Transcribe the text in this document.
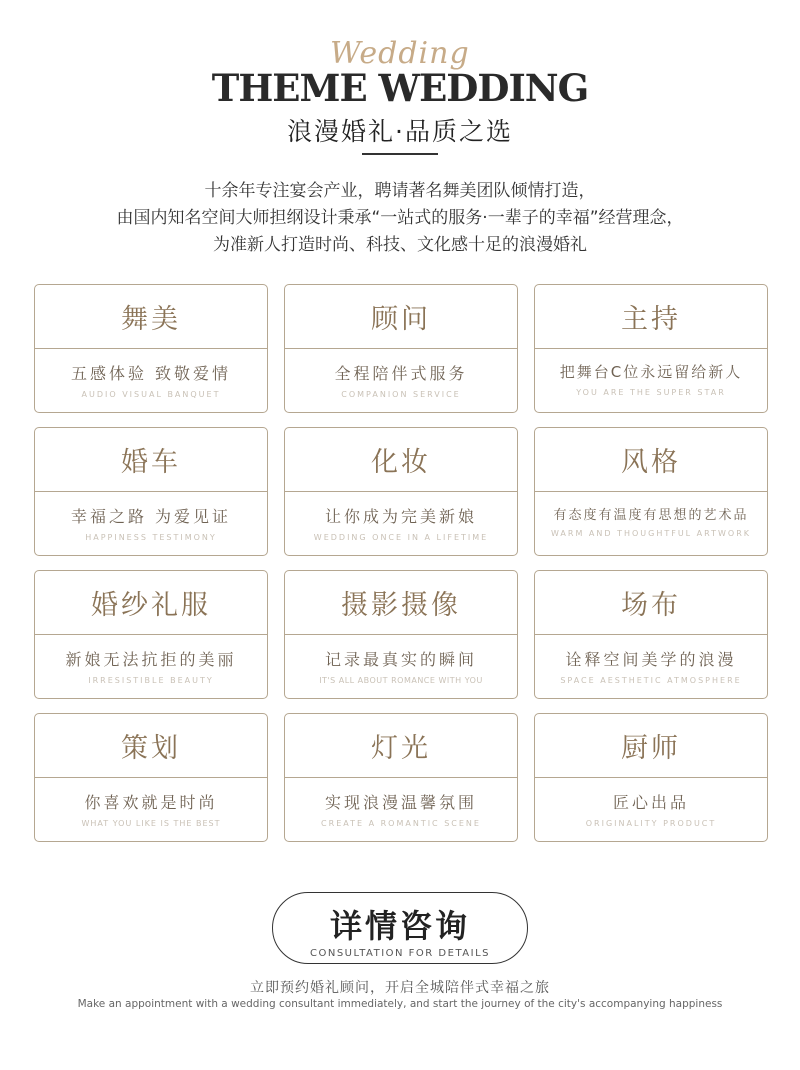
Wedding
THEME WEDDING
浪漫婚礼·品质之选
十余年专注宴会产业，聘请著名舞美团队倾情打造，
由国内知名空间大师担纲设计秉承“一站式的服务·一辈子的幸福”经营理念，
为准新人打造时尚、科技、文化感十足的浪漫婚礼
舞美
五感体验 致敬爱情
AUDIO VISUAL BANQUET
顾问
全程陪伴式服务
COMPANION SERVICE
主持
把舞台C位永远留给新人
YOU ARE THE SUPER STAR
婚车
幸福之路 为爱见证
HAPPINESS TESTIMONY
化妆
让你成为完美新娘
WEDDING ONCE IN A LIFETIME
风格
有态度有温度有思想的艺术品
WARM AND THOUGHTFUL ARTWORK
婚纱礼服
新娘无法抗拒的美丽
IRRESISTIBLE BEAUTY
摄影摄像
记录最真实的瞬间
IT'S ALL ABOUT ROMANCE WITH YOU
场布
诠释空间美学的浪漫
SPACE AESTHETIC ATMOSPHERE
策划
你喜欢就是时尚
WHAT YOU LIKE IS THE BEST
灯光
实现浪漫温馨氛围
CREATE A ROMANTIC SCENE
厨师
匠心出品
ORIGINALITY PRODUCT
详情咨询
CONSULTATION FOR DETAILS
立即预约婚礼顾问，开启全城陪伴式幸福之旅
Make an appointment with a wedding consultant immediately, and start the journey of the city's accompanying happiness
